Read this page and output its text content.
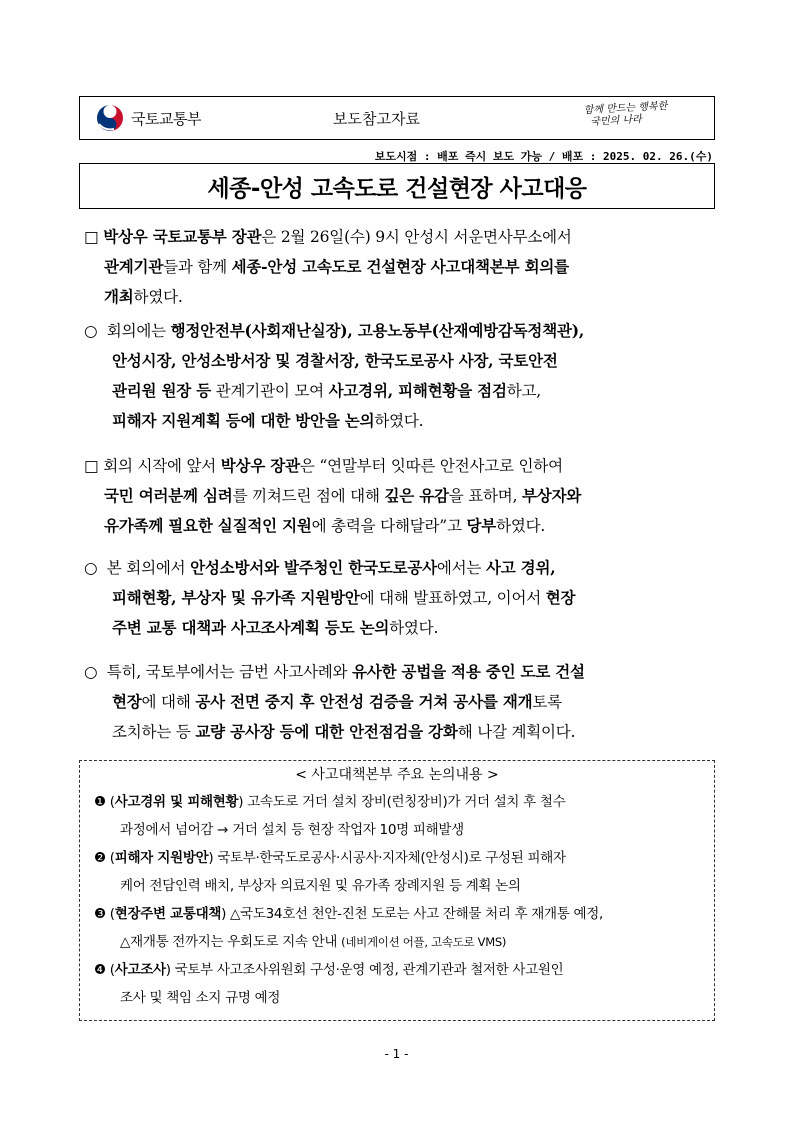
국토교통부	보도참고자료
함께 만드는 행복한
국민의 나라
보도시점 : 배포 즉시 보도 가능 / 배포 : 2025. 02. 26.(수)
세종-안성 고속도로 건설현장 사고대응
□ 박상우 국토교통부 장관은 2월 26일(수) 9시 안성시 서운면사무소에서
관계기관들과 함께 세종-안성 고속도로 건설현장 사고대책본부 회의를
개최하였다.
○ 회의에는 행정안전부(사회재난실장), 고용노동부(산재예방감독정책관),
안성시장, 안성소방서장 및 경찰서장, 한국도로공사 사장, 국토안전
관리원 원장 등 관계기관이 모여 사고경위, 피해현황을 점검하고,
피해자 지원계획 등에 대한 방안을 논의하였다.
□ 회의 시작에 앞서 박상우 장관은 “연말부터 잇따른 안전사고로 인하여
국민 여러분께 심려를 끼쳐드린 점에 대해 깊은 유감을 표하며, 부상자와
유가족께 필요한 실질적인 지원에 총력을 다해달라”고 당부하였다.
○ 본 회의에서 안성소방서와 발주청인 한국도로공사에서는 사고 경위,
피해현황, 부상자 및 유가족 지원방안에 대해 발표하였고, 이어서 현장
주변 교통 대책과 사고조사계획 등도 논의하였다.
○ 특히, 국토부에서는 금번 사고사례와 유사한 공법을 적용 중인 도로 건설
현장에 대해 공사 전면 중지 후 안전성 검증을 거쳐 공사를 재개토록
조치하는 등 교량 공사장 등에 대한 안전점검을 강화해 나갈 계획이다.
< 사고대책본부 주요 논의내용 >
❶ (사고경위 및 피해현황) 고속도로 거더 설치 장비(런칭장비)가 거더 설치 후 철수
과정에서 넘어감 → 거더 설치 등 현장 작업자 10명 피해발생
❷ (피해자 지원방안) 국토부·한국도로공사·시공사·지자체(안성시)로 구성된 피해자
케어 전담인력 배치, 부상자 의료지원 및 유가족 장례지원 등 계획 논의
❸ (현장주변 교통대책) △국도34호선 천안-진천 도로는 사고 잔해물 처리 후 재개통 예정,
△재개통 전까지는 우회도로 지속 안내 (네비게이션 어플, 고속도로 VMS)
❹ (사고조사) 국토부 사고조사위원회 구성·운영 예정, 관계기관과 철저한 사고원인
조사 및 책임 소지 규명 예정
- 1 -
